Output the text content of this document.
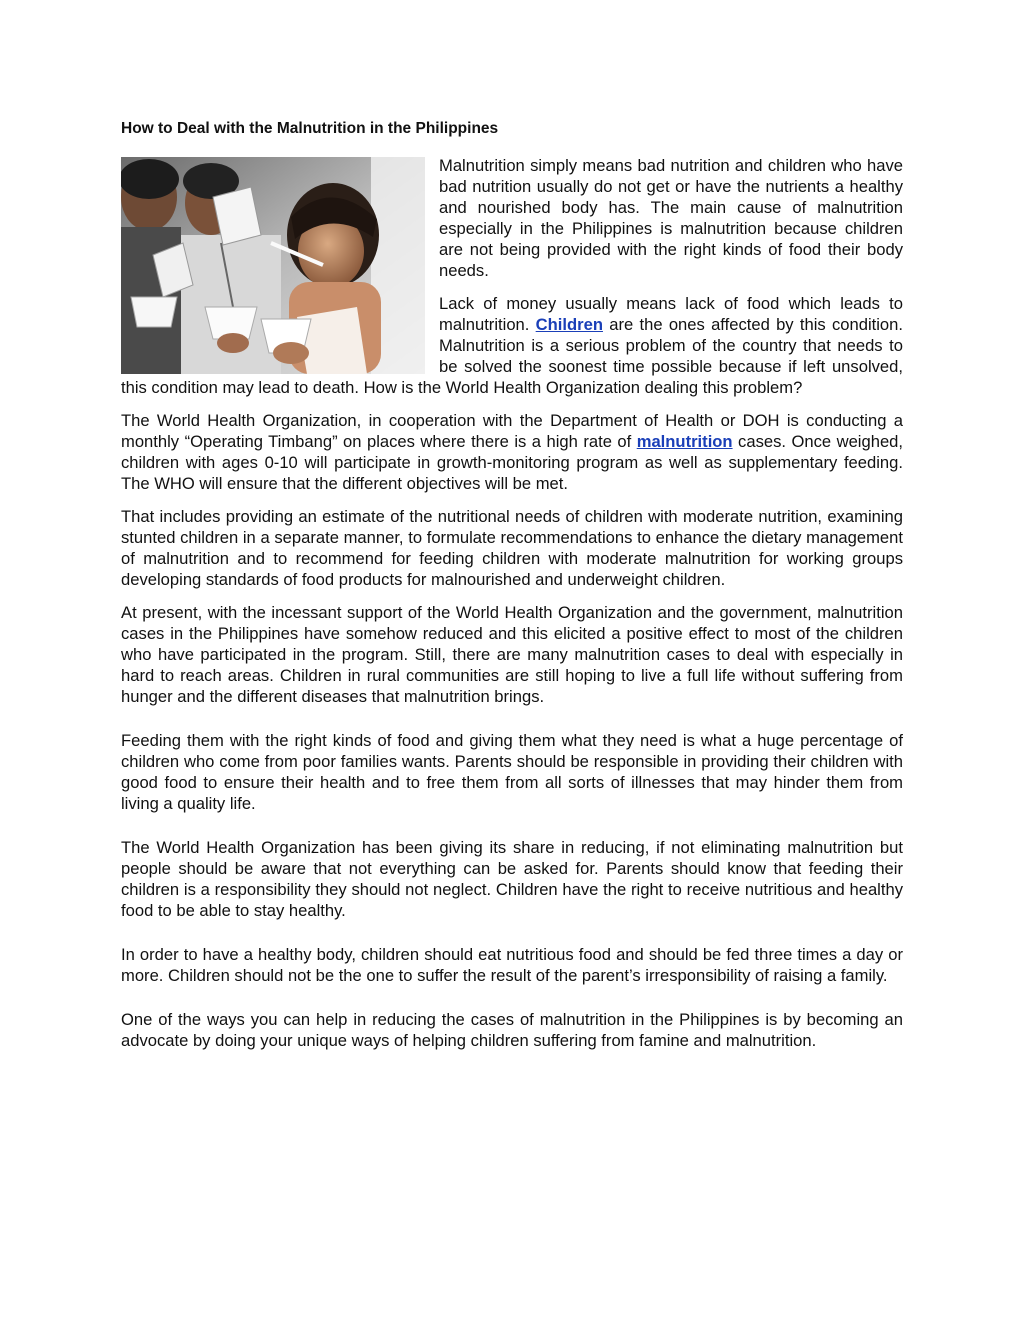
How to Deal with the Malnutrition in the Philippines

Malnutrition simply means bad nutrition and children who have bad nutrition usually do not get or have the nutrients a healthy and nourished body has. The main cause of malnutrition especially in the Philippines is malnutrition because children are not being provided with the right kinds of food their body needs.

Lack of money usually means lack of food which leads to malnutrition. Children are the ones affected by this condition. Malnutrition is a serious problem of the country that needs to be solved the soonest time possible because if left unsolved, this condition may lead to death. How is the World Health Organization dealing this problem?

The World Health Organization, in cooperation with the Department of Health or DOH is conducting a monthly “Operating Timbang” on places where there is a high rate of malnutrition cases. Once weighed, children with ages 0-10 will participate in growth-monitoring program as well as supplementary feeding. The WHO will ensure that the different objectives will be met.

That includes providing an estimate of the nutritional needs of children with moderate nutrition, examining stunted children in a separate manner, to formulate recommendations to enhance the dietary management of malnutrition and to recommend for feeding children with moderate malnutrition for working groups developing standards of food products for malnourished and underweight children.

At present, with the incessant support of the World Health Organization and the government, malnutrition cases in the Philippines have somehow reduced and this elicited a positive effect to most of the children who have participated in the program. Still, there are many malnutrition cases to deal with especially in hard to reach areas. Children in rural communities are still hoping to live a full life without suffering from hunger and the different diseases that malnutrition brings.

Feeding them with the right kinds of food and giving them what they need is what a huge percentage of children who come from poor families wants. Parents should be responsible in providing their children with good food to ensure their health and to free them from all sorts of illnesses that may hinder them from living a quality life.

The World Health Organization has been giving its share in reducing, if not eliminating malnutrition but people should be aware that not everything can be asked for. Parents should know that feeding their children is a responsibility they should not neglect. Children have the right to receive nutritious and healthy food to be able to stay healthy.

In order to have a healthy body, children should eat nutritious food and should be fed three times a day or more. Children should not be the one to suffer the result of the parent’s irresponsibility of raising a family.

One of the ways you can help in reducing the cases of malnutrition in the Philippines is by becoming an advocate by doing your unique ways of helping children suffering from famine and malnutrition.
